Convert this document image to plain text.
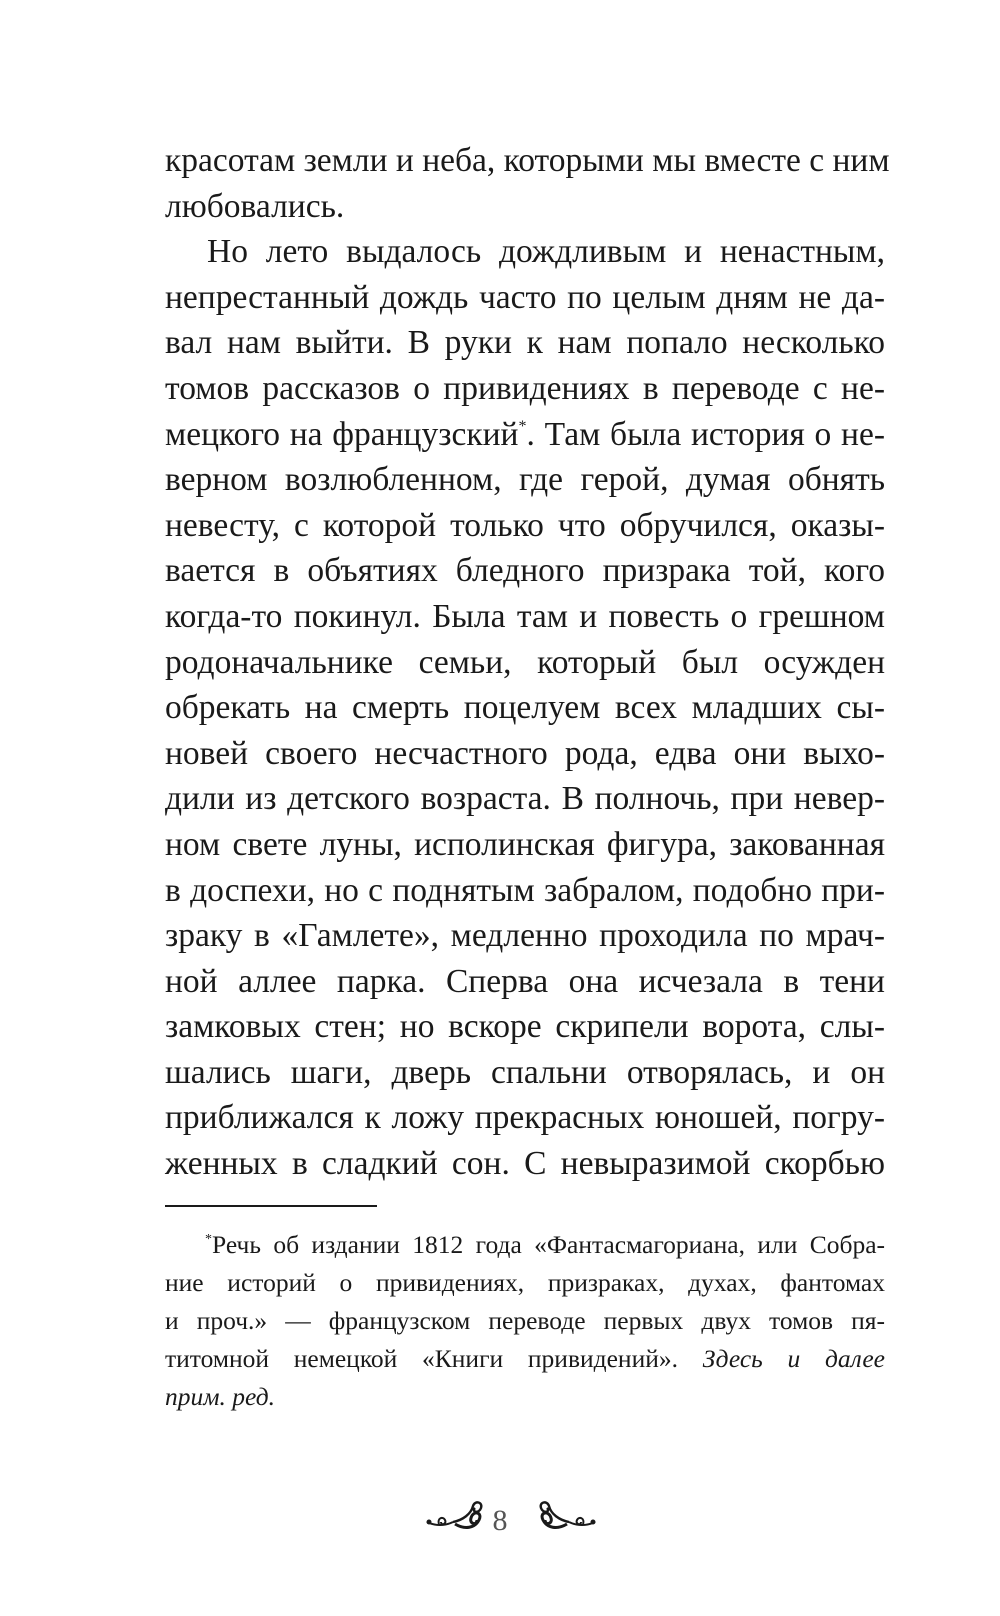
красотам земли и неба, которыми мы вместе с ним
любовались.
Но лето выдалось дождливым и ненастным,
непрестанный дождь часто по целым дням не да-
вал нам выйти. В руки к нам попало несколько
томов рассказов о привидениях в переводе с не-
мецкого на французский*. Там была история о не-
верном возлюбленном, где герой, думая обнять
невесту, с которой только что обручился, оказы-
вается в объятиях бледного призрака той, кого
когда-то покинул. Была там и повесть о грешном
родоначальнике семьи, который был осужден
обрекать на смерть поцелуем всех младших сы-
новей своего несчастного рода, едва они выхо-
дили из детского возраста. В полночь, при невер-
ном свете луны, исполинская фигура, закованная
в доспехи, но с поднятым забралом, подобно при-
зраку в «Гамлете», медленно проходила по мрач-
ной аллее парка. Сперва она исчезала в тени
замковых стен; но вскоре скрипели ворота, слы-
шались шаги, дверь спальни отворялась, и он
приближался к ложу прекрасных юношей, погру-
женных в сладкий сон. С невыразимой скорбью
*Речь об издании 1812 года «Фантасмагориана, или Собра-
ние историй о привидениях, призраках, духах, фантомах
и проч.» — французском переводе первых двух томов пя-
титомной немецкой «Книги привидений». Здесь и далее
прим. ред.
8
